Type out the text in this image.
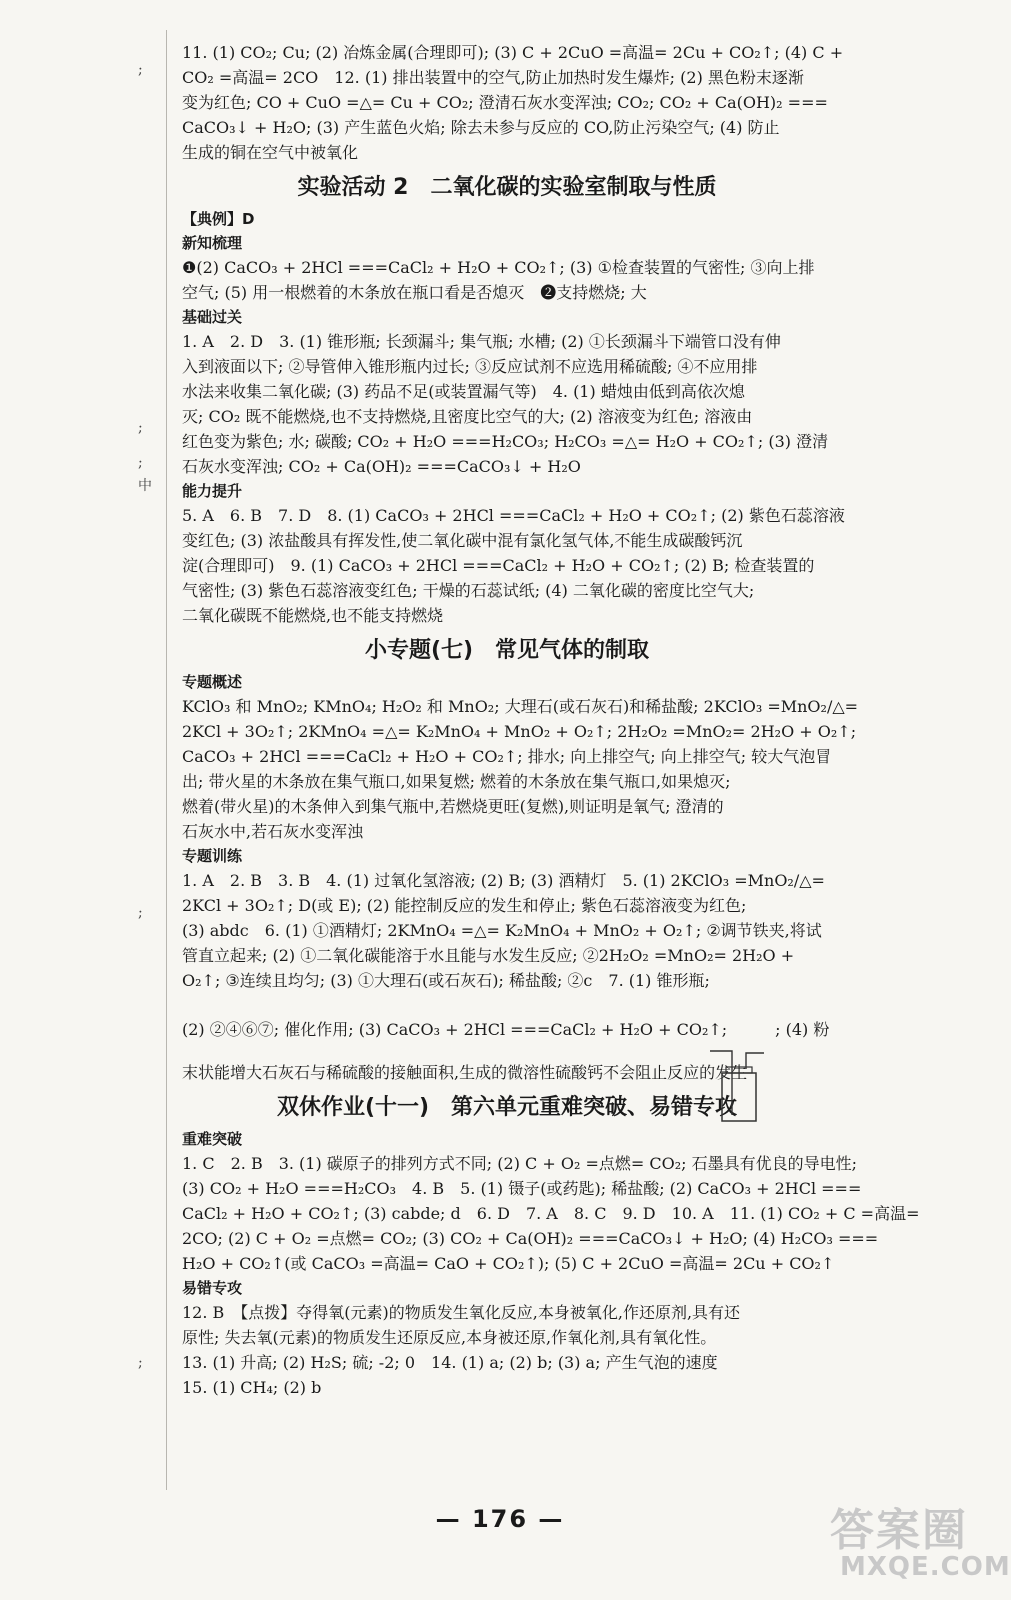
;
;
;
中
;
;
11. (1) CO₂; Cu; (2) 冶炼金属(合理即可); (3) C + 2CuO =高温= 2Cu + CO₂↑; (4) C +
CO₂ =高温= 2CO　12. (1) 排出装置中的空气,防止加热时发生爆炸; (2) 黑色粉末逐渐
变为红色; CO + CuO =△= Cu + CO₂; 澄清石灰水变浑浊; CO₂; CO₂ + Ca(OH)₂ ===
CaCO₃↓ + H₂O; (3) 产生蓝色火焰; 除去未参与反应的 CO,防止污染空气; (4) 防止
生成的铜在空气中被氧化
实验活动 2　二氧化碳的实验室制取与性质
【典例】D
新知梳理
❶(2) CaCO₃ + 2HCl ===CaCl₂ + H₂O + CO₂↑; (3) ①检查装置的气密性; ③向上排
空气; (5) 用一根燃着的木条放在瓶口看是否熄灭　❷支持燃烧; 大
基础过关
1. A　2. D　3. (1) 锥形瓶; 长颈漏斗; 集气瓶; 水槽; (2) ①长颈漏斗下端管口没有伸
入到液面以下; ②导管伸入锥形瓶内过长; ③反应试剂不应选用稀硫酸; ④不应用排
水法来收集二氧化碳; (3) 药品不足(或装置漏气等)　4. (1) 蜡烛由低到高依次熄
灭; CO₂ 既不能燃烧,也不支持燃烧,且密度比空气的大; (2) 溶液变为红色; 溶液由
红色变为紫色; 水; 碳酸; CO₂ + H₂O ===H₂CO₃; H₂CO₃ =△= H₂O + CO₂↑; (3) 澄清
石灰水变浑浊; CO₂ + Ca(OH)₂ ===CaCO₃↓ + H₂O
能力提升
5. A　6. B　7. D　8. (1) CaCO₃ + 2HCl ===CaCl₂ + H₂O + CO₂↑; (2) 紫色石蕊溶液
变红色; (3) 浓盐酸具有挥发性,使二氧化碳中混有氯化氢气体,不能生成碳酸钙沉
淀(合理即可)　9. (1) CaCO₃ + 2HCl ===CaCl₂ + H₂O + CO₂↑; (2) B; 检查装置的
气密性; (3) 紫色石蕊溶液变红色; 干燥的石蕊试纸; (4) 二氧化碳的密度比空气大;
二氧化碳既不能燃烧,也不能支持燃烧
小专题(七)　常见气体的制取
专题概述
KClO₃ 和 MnO₂; KMnO₄; H₂O₂ 和 MnO₂; 大理石(或石灰石)和稀盐酸; 2KClO₃ =MnO₂/△=
2KCl + 3O₂↑; 2KMnO₄ =△= K₂MnO₄ + MnO₂ + O₂↑; 2H₂O₂ =MnO₂= 2H₂O + O₂↑;
CaCO₃ + 2HCl ===CaCl₂ + H₂O + CO₂↑; 排水; 向上排空气; 向上排空气; 较大气泡冒
出; 带火星的木条放在集气瓶口,如果复燃; 燃着的木条放在集气瓶口,如果熄灭;
燃着(带火星)的木条伸入到集气瓶中,若燃烧更旺(复燃),则证明是氧气; 澄清的
石灰水中,若石灰水变浑浊
专题训练
1. A　2. B　3. B　4. (1) 过氧化氢溶液; (2) B; (3) 酒精灯　5. (1) 2KClO₃ =MnO₂/△=
2KCl + 3O₂↑; D(或 E); (2) 能控制反应的发生和停止; 紫色石蕊溶液变为红色;
(3) abdc　6. (1) ①酒精灯; 2KMnO₄ =△= K₂MnO₄ + MnO₂ + O₂↑; ②调节铁夹,将试
管直立起来; (2) ①二氧化碳能溶于水且能与水发生反应; ②2H₂O₂ =MnO₂= 2H₂O +
O₂↑; ③连续且均匀; (3) ①大理石(或石灰石); 稀盐酸; ②c　7. (1) 锥形瓶;
(2) ②④⑥⑦; 催化作用; (3) CaCO₃ + 2HCl ===CaCl₂ + H₂O + CO₂↑;　　　; (4) 粉
末状能增大石灰石与稀硫酸的接触面积,生成的微溶性硫酸钙不会阻止反应的发生
双休作业(十一)　第六单元重难突破、易错专攻
重难突破
1. C　2. B　3. (1) 碳原子的排列方式不同; (2) C + O₂ =点燃= CO₂; 石墨具有优良的导电性;
(3) CO₂ + H₂O ===H₂CO₃　4. B　5. (1) 镊子(或药匙); 稀盐酸; (2) CaCO₃ + 2HCl ===
CaCl₂ + H₂O + CO₂↑; (3) cabde; d　6. D　7. A　8. C　9. D　10. A　11. (1) CO₂ + C =高温=
2CO; (2) C + O₂ =点燃= CO₂; (3) CO₂ + Ca(OH)₂ ===CaCO₃↓ + H₂O; (4) H₂CO₃ ===
H₂O + CO₂↑(或 CaCO₃ =高温= CaO + CO₂↑); (5) C + 2CuO =高温= 2Cu + CO₂↑
易错专攻
12. B　【点拨】夺得氧(元素)的物质发生氧化反应,本身被氧化,作还原剂,具有还
原性; 失去氧(元素)的物质发生还原反应,本身被还原,作氧化剂,具有氧化性。
13. (1) 升高; (2) H₂S; 硫; -2; 0　14. (1) a; (2) b; (3) a; 产生气泡的速度
15. (1) CH₄; (2) b
— 176 —	答案圈
MXQE.COM
